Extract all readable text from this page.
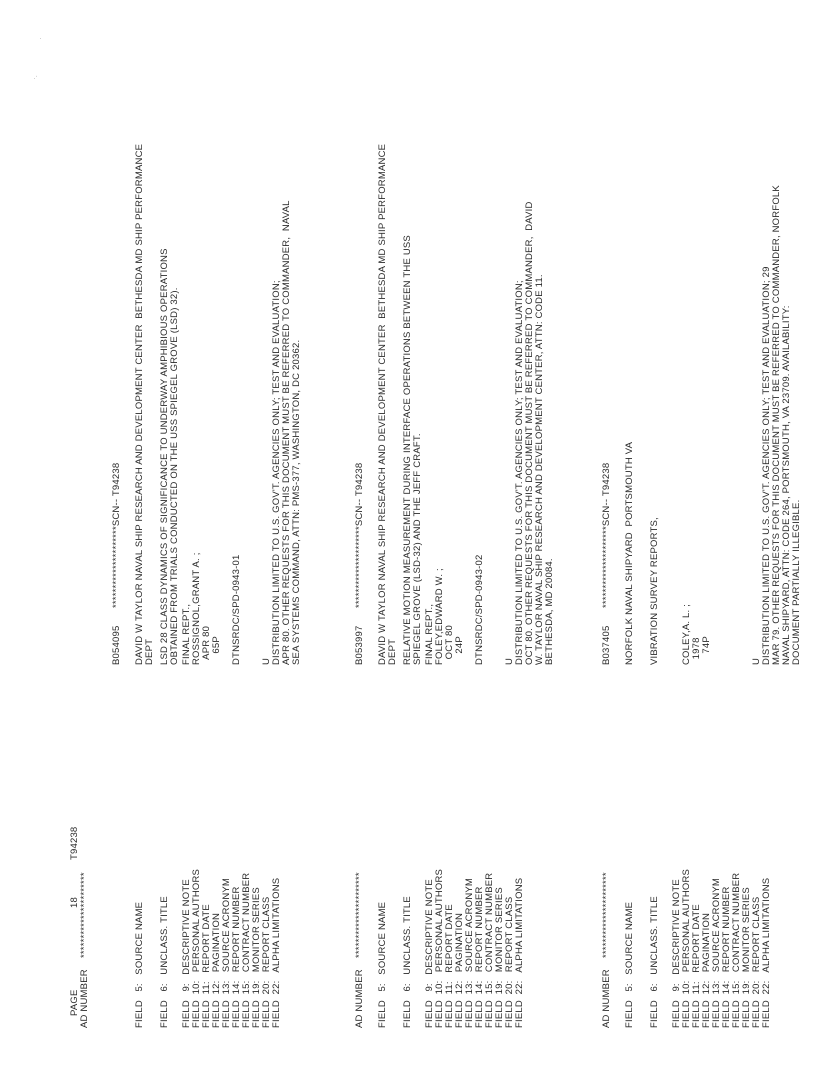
·
·.
PAGE
18
AD NUMBER
**********************
T94238
B054095
*********************SCN-- T94238
FIELD   5:   SOURCE NAME
DAVID W TAYLOR NAVAL SHIP RESEARCH AND DEVELOPMENT CENTER  BETHESDA MD SHIP PERFORMANCE DEPT
FIELD   6:   UNCLASS. TITLE
LSD 28 CLASS DYNAMICS OF SIGNIFICANCE TO UNDERWAY AMPHIBIOUS OPERATIONS OBTAINED FROM TRIALS CONDUCTED ON THE USS SPIEGEL GROVE (LSD) 32).
FIELD   9:   DESCRIPTIVE NOTE FIELD  10:   PERSONAL AUTHORS FIELD  11:   REPORT DATE FIELD  12:   PAGINATION FIELD  13:   SOURCE ACRONYM FIELD  14:   REPORT NUMBER FIELD  15:   CONTRACT NUMBER FIELD  19:   MONITOR SERIES FIELD  20:   REPORT CLASS FIELD  22:   ALPHA LIMITATIONS
FINAL REPT., ROSSIGNOL,GRANT A. ; APR 80 65P DTNSRDC/SPD-0943-01 U DISTRIBUTION LIMITED TO U.S. GOV'T. AGENCIES ONLY; TEST AND EVALUATION; APR 80. OTHER REQUESTS FOR THIS DOCUMENT MUST BE REFERRED TO COMMANDER,  NAVAL SEA SYSTEMS COMMAND, ATTN: PMS-377, WASHINGTON, DC 20362.
AD NUMBER
**********************
B053997
*********************SCN-- T94238
FIELD   5:   SOURCE NAME
DAVID W TAYLOR NAVAL SHIP RESEARCH AND DEVELOPMENT CENTER  BETHESDA MD SHIP PERFORMANCE DEPT
FIELD   6:   UNCLASS. TITLE
RELATIVE MOTION MEASUREMENT DURING INTERFACE OPERATIONS BETWEEN THE USS SPIEGEL GROVE (LSD-32) AND THE JEFF CRAFT.
FIELD   9:   DESCRIPTIVE NOTE FIELD  10:   PERSONAL AUTHORS FIELD  11:   REPORT DATE FIELD  12:   PAGINATION FIELD  13:   SOURCE ACRONYM FIELD  14:   REPORT NUMBER FIELD  15:   CONTRACT NUMBER FIELD  19:   MONITOR SERIES FIELD  20:   REPORT CLASS FIELD  22:   ALPHA LIMITATIONS
FINAL REPT., FOLEY,EDWARD W. ; OCT 80 24P DTNSRDC/SPD-0943-02 U DISTRIBUTION LIMITED TO U.S. GOV'T. AGENCIES ONLY; TEST AND EVALUATION; OCT 80. OTHER REQUESTS FOR THIS DOCUMENT MUST BE REFERRED TO COMMANDER,  DAVID W. TAYLOR NAVAL SHIP RESEARCH AND DEVELOPMENT CENTER, ATTN: CODE 11. BETHESDA, MD 20084.
AD NUMBER
**********************
B037405
*********************SCN-- T94238
FIELD   5:   SOURCE NAME
NORFOLK NAVAL SHIPYARD  PORTSMOUTH VA
FIELD   6:   UNCLASS. TITLE
VIBRATION SURVEY REPORTS,
FIELD   9:   DESCRIPTIVE NOTE FIELD  10:   PERSONAL AUTHORS FIELD  11:   REPORT DATE FIELD  12:   PAGINATION FIELD  13:   SOURCE ACRONYM FIELD  14:   REPORT NUMBER FIELD  15:   CONTRACT NUMBER FIELD  19:   MONITOR SERIES FIELD  20:   REPORT CLASS FIELD  22:   ALPHA LIMITATIONS
COLEY,A. L. ; 1978 74P	U DISTRIBUTION LIMITED TO U.S. GOV'T. AGENCIES ONLY; TEST AND EVALUATION; 29 MAR 79. OTHER REQUESTS FOR THIS DOCUMENT MUST BE REFERRED TO COMMANDER, NORFOLK NAVAL SHIPYARD, ATTN: CODE 264, PORTSMOUTH, VA 23709. AVAILABILITY: DOCUMENT PARTIALLY ILLEGIBLE.
